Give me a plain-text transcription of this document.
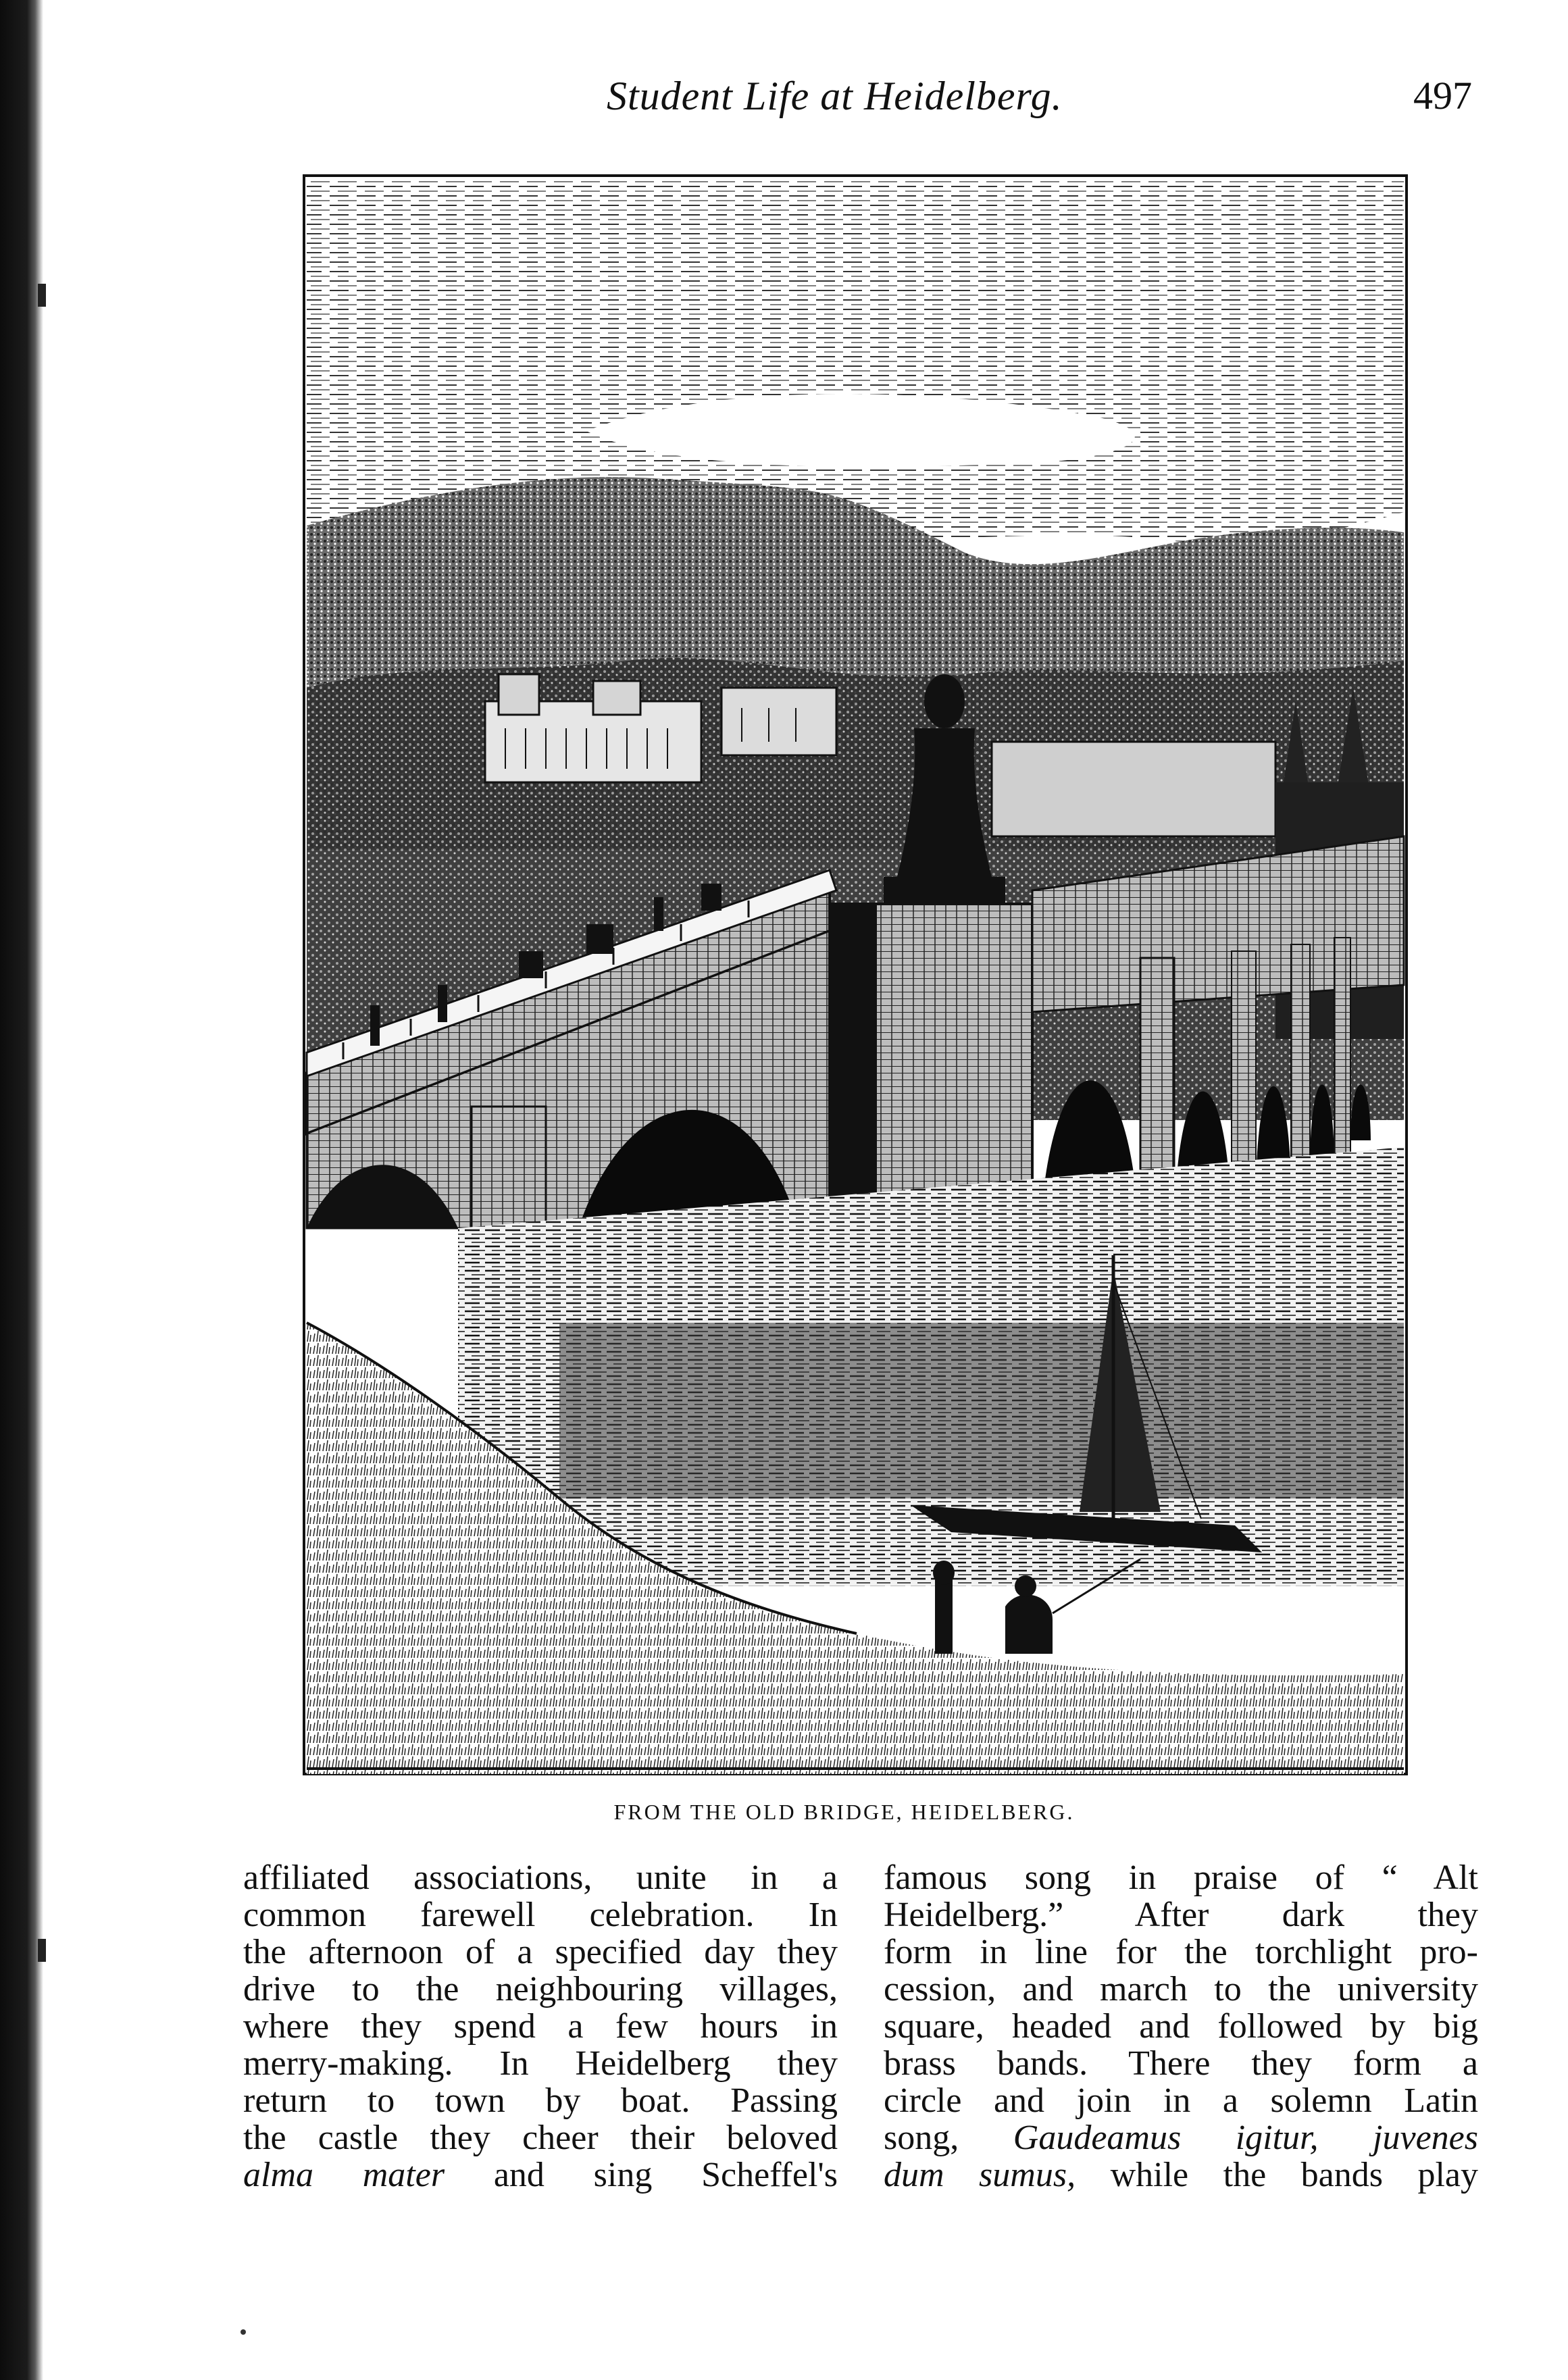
Student Life at Heidelberg.	497
FROM THE OLD BRIDGE, HEIDELBERG.
affiliated associations, unite in a
common farewell celebration. In
the afternoon of a specified day they
drive to the neighbouring villages,
where they spend a few hours in
merry-making. In Heidelberg they
return to town by boat. Passing
the castle they cheer their beloved
alma mater and sing Scheffel's
famous song in praise of “ Alt
Heidelberg.” After dark they
form in line for the torchlight pro-
cession, and march to the university
square, headed and followed by big
brass bands. There they form a
circle and join in a solemn Latin
song, Gaudeamus igitur, juvenes
dum sumus, while the bands play
